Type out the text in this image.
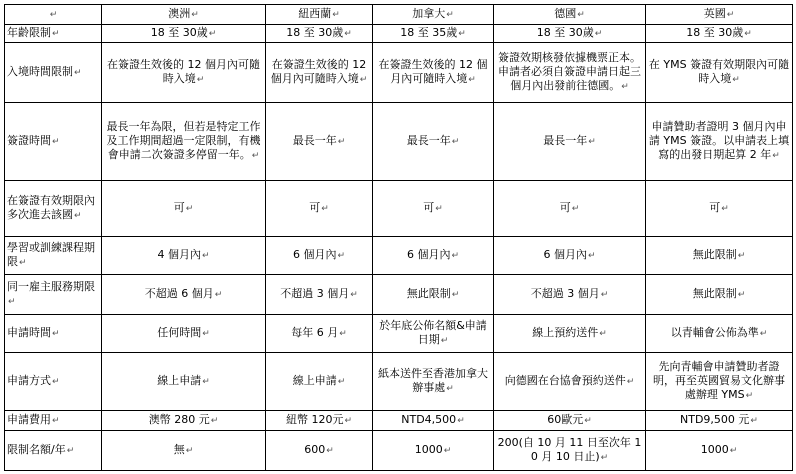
↵	澳洲↵	紐西蘭↵	加拿大↵	德國↵	英國↵
年齡限制↵	18 至 30歲↵	18 至 30歲↵	18 至 35歲↵	18 至 30歲↵	18 至 30歲↵
入境時間限制↵	在簽證生效後的 12 個月內可隨時入境↵	在簽證生效後的 12 個月內可隨時入境↵	在簽證生效後的 12 個月內可隨時入境↵	簽證效期核發依據機票正本。申請者必須自簽證申請日起三個月內出發前往德國。↵	在 YMS 簽證有效期限內可隨時入境↵
簽證時間↵	最長一年為限，但若是特定工作及工作期間超過一定限制，有機會申請二次簽證多停留一年。↵	最長一年↵	最長一年↵	最長一年↵	申請贊助者證明 3 個月內申請 YMS 簽證。以申請表上填寫的出發日期起算 2 年↵
在簽證有效期限內多次進去該國↵	可↵	可↵	可↵	可↵	可↵
學習或訓練課程期限↵	4 個月內↵	6 個月內↵	6 個月內↵	6 個月內↵	無此限制↵
同一雇主服務期限↵	不超過 6 個月↵	不超過 3 個月↵	無此限制↵	不超過 3 個月↵	無此限制↵
申請時間↵	任何時間↵	每年 6 月↵	於年底公佈名額&申請日期↵	線上預約送件↵	以青輔會公佈為準↵
申請方式↵	線上申請↵	線上申請↵	紙本送件至香港加拿大辦事處↵	向德國在台協會預約送件↵	先向青輔會申請贊助者證明，再至英國貿易文化辦事處辦理 YMS↵
申請費用↵	澳幣 280 元↵	紐幣 120元↵	NTD4,500↵	60歐元↵	NTD9,500 元↵
限制名額/年↵	無↵	600↵	1000↵	200(自 10 月 11 日至次年 10 月 10 日止)↵	1000↵
